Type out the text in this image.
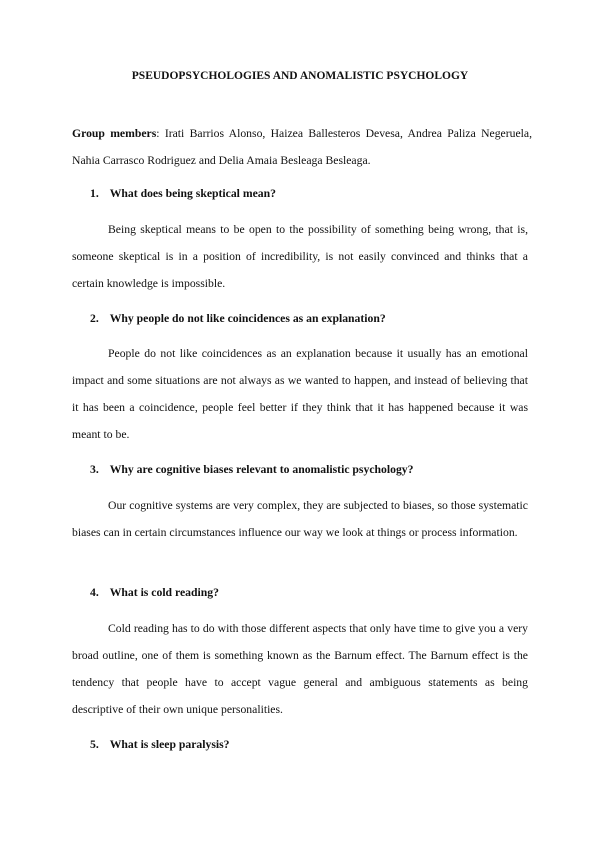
PSEUDOPSYCHOLOGIES AND ANOMALISTIC PSYCHOLOGY
Group members: Irati Barrios Alonso, Haizea Ballesteros Devesa, Andrea Paliza Negeruela, Nahia Carrasco Rodriguez and Delia Amaia Besleaga Besleaga.
1. What does being skeptical mean?
Being skeptical means to be open to the possibility of something being wrong, that is, someone skeptical is in a position of incredibility, is not easily convinced and thinks that a certain knowledge is impossible.
2. Why people do not like coincidences as an explanation?
People do not like coincidences as an explanation because it usually has an emotional impact and some situations are not always as we wanted to happen, and instead of believing that it has been a coincidence, people feel better if they think that it has happened because it was meant to be.
3. Why are cognitive biases relevant to anomalistic psychology?
Our cognitive systems are very complex, they are subjected to biases, so those systematic biases can in certain circumstances influence our way we look at things or process information.
4. What is cold reading?
Cold reading has to do with those different aspects that only have time to give you a very broad outline, one of them is something known as the Barnum effect. The Barnum effect is the tendency that people have to accept vague general and ambiguous statements as being descriptive of their own unique personalities.
5. What is sleep paralysis?
